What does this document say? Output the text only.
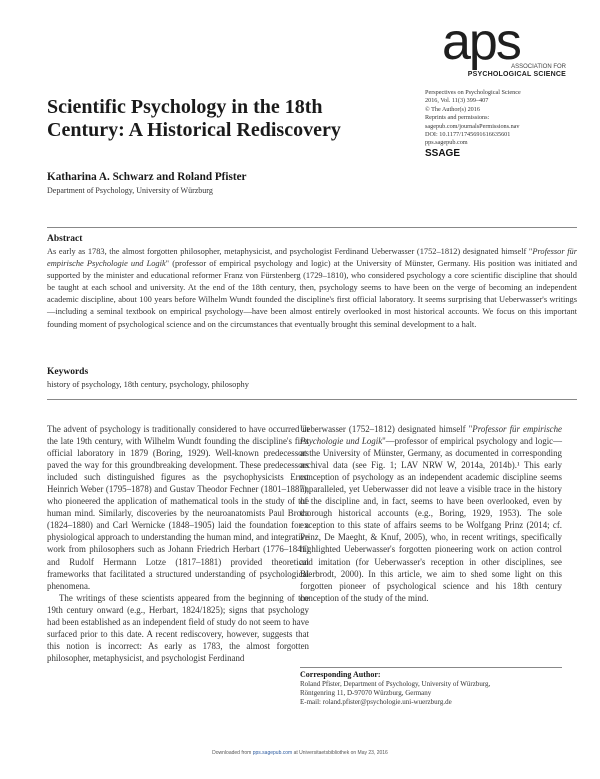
aps
ASSOCIATION FOR
PSYCHOLOGICAL SCIENCE
Scientific Psychology in the 18th Century: A Historical Rediscovery
Perspectives on Psychological Science
2016, Vol. 11(3) 399–407
© The Author(s) 2016
Reprints and permissions:
sagepub.com/journalsPermissions.nav
DOI: 10.1177/1745691616635601
pps.sagepub.com
SSAGE
Katharina A. Schwarz and Roland Pfister
Department of Psychology, University of Würzburg
Abstract
As early as 1783, the almost forgotten philosopher, metaphysicist, and psychologist Ferdinand Ueberwasser (1752–1812) designated himself "Professor für empirische Psychologie und Logik" (professor of empirical psychology and logic) at the University of Münster, Germany. His position was initiated and supported by the minister and educational reformer Franz von Fürstenberg (1729–1810), who considered psychology a core scientific discipline that should be taught at each school and university. At the end of the 18th century, then, psychology seems to have been on the verge of becoming an independent academic discipline, about 100 years before Wilhelm Wundt founded the discipline's first official laboratory. It seems surprising that Ueberwasser's writings—including a seminal textbook on empirical psychology—have been almost entirely overlooked in most historical accounts. We focus on this important founding moment of psychological science and on the circumstances that eventually brought this seminal development to a halt.
Keywords
history of psychology, 18th century, psychology, philosophy

The advent of psychology is traditionally considered to have occurred in the late 19th century, with Wilhelm Wundt founding the discipline's first official laboratory in 1879 (Boring, 1929). Well-known predecessors paved the way for this groundbreaking development. These predecessors included such distinguished figures as the psychophysicists Ernst Heinrich Weber (1795–1878) and Gustav Theodor Fechner (1801–1887), who pioneered the application of mathematical tools in the study of the human mind. Similarly, discoveries by the neuroanatomists Paul Broca (1824–1880) and Carl Wernicke (1848–1905) laid the foundation for a physiological approach to understanding the human mind, and integrative work from philosophers such as Johann Friedrich Herbart (1776–1841) and Rudolf Hermann Lotze (1817–1881) provided theoretical frameworks that facilitated a structured understanding of psychological phenomena.

The writings of these scientists appeared from the beginning of the 19th century onward (e.g., Herbart, 1824/1825); signs that psychology had been established as an independent field of study do not seem to have surfaced prior to this date. A recent rediscovery, however, suggests that this notion is incorrect: As early as 1783, the almost forgotten philosopher, metaphysicist, and psychologist Ferdinand

Ueberwasser (1752–1812) designated himself "Professor für empirische Psychologie und Logik"—professor of empirical psychology and logic—at the University of Münster, Germany, as documented in corresponding archival data (see Fig. 1; LAV NRW W, 2014a, 2014b).¹ This early conception of psychology as an independent academic discipline seems unparalleled, yet Ueberwasser did not leave a visible trace in the history of the discipline and, in fact, seems to have been overlooked, even by thorough historical accounts (e.g., Boring, 1929, 1953). The sole exception to this state of affairs seems to be Wolfgang Prinz (2014; cf. Prinz, De Maeght, & Knuf, 2005), who, in recent writings, specifically highlighted Ueberwasser's forgotten pioneering work on action control and imitation (for Ueberwasser's reception in other disciplines, see Bierbrodt, 2000). In this article, we aim to shed some light on this forgotten pioneer of psychological science and his 18th century conception of the study of the mind.

Corresponding Author:
Roland Pfister, Department of Psychology, University of Würzburg,
Röntgenring 11, D-97070 Würzburg, Germany
E-mail: roland.pfister@psychologie.uni-wuerzburg.de
Downloaded from pps.sagepub.com at Universitaetsbibliothek on May 23, 2016
